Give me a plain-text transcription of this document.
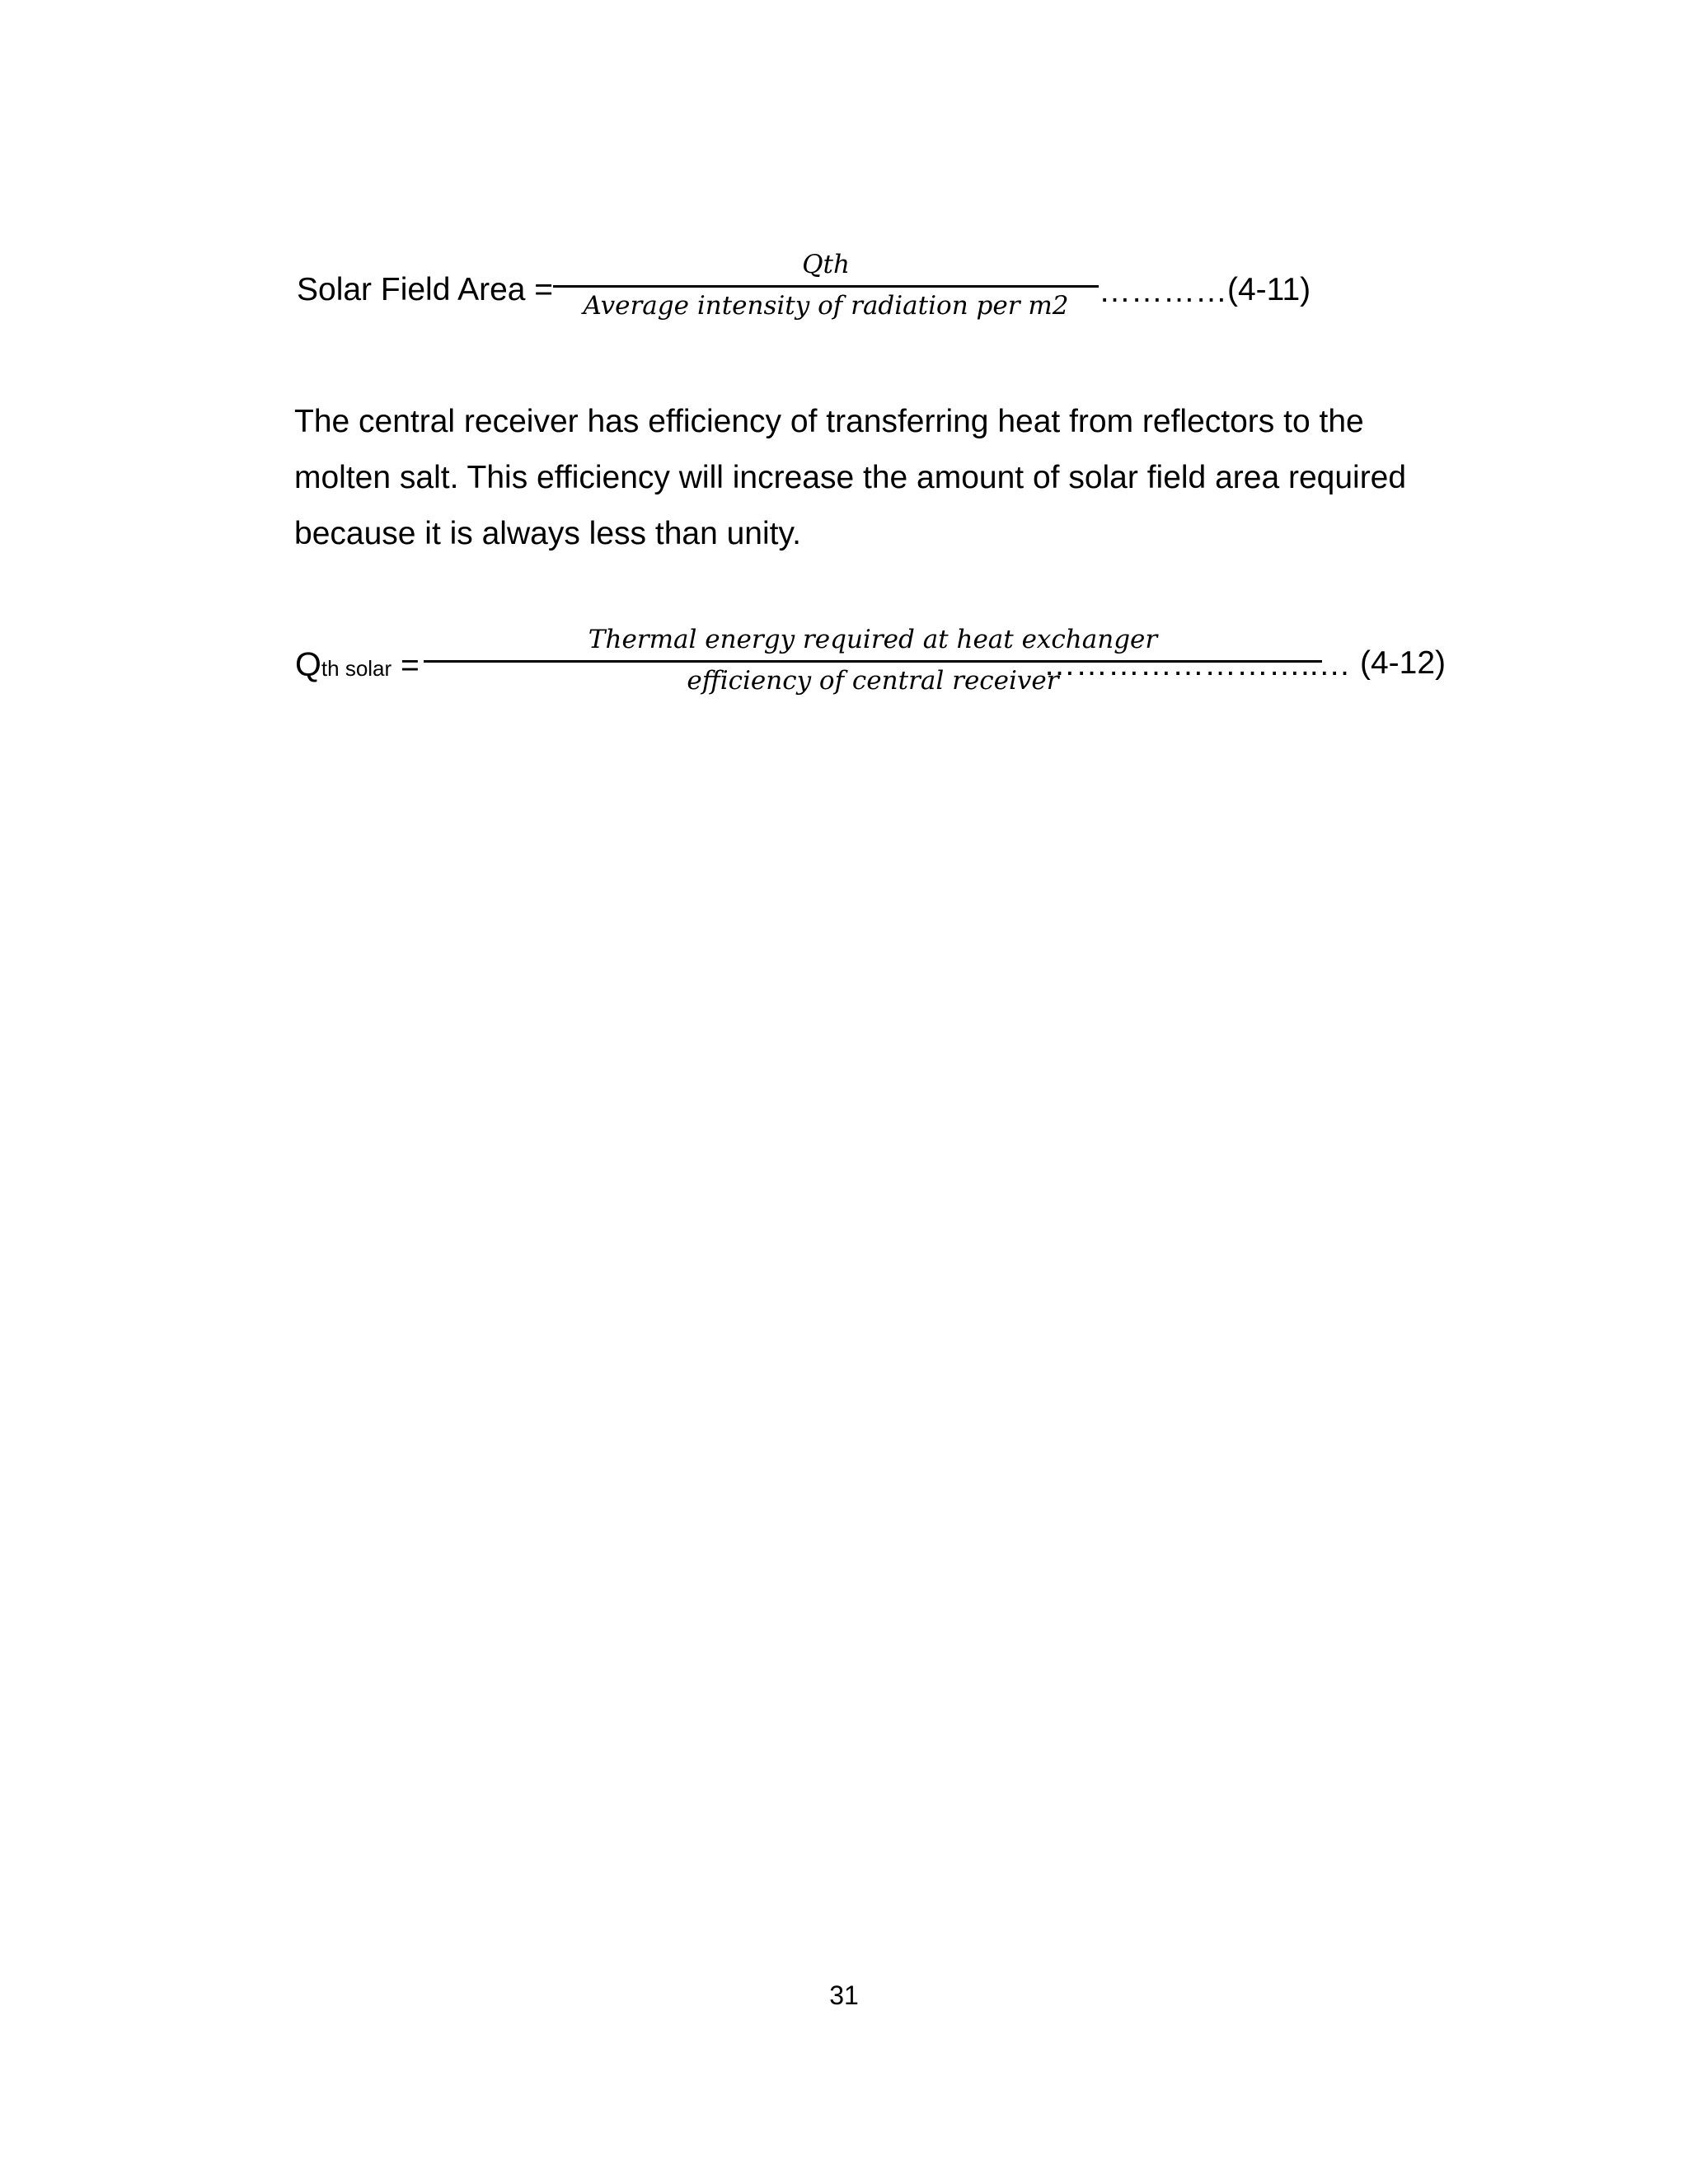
Solar Field Area =
Qth
Average intensity of radiation per m2 ………… (4-11)
The central receiver has efficiency of transferring heat from reflectors to the
molten salt. This efficiency will increase the amount of solar field area required
because it is always less than unity.
Qth solar =
Thermal energy required at heat exchanger
efficiency of central receiver
……………………..… (4-12)
31
